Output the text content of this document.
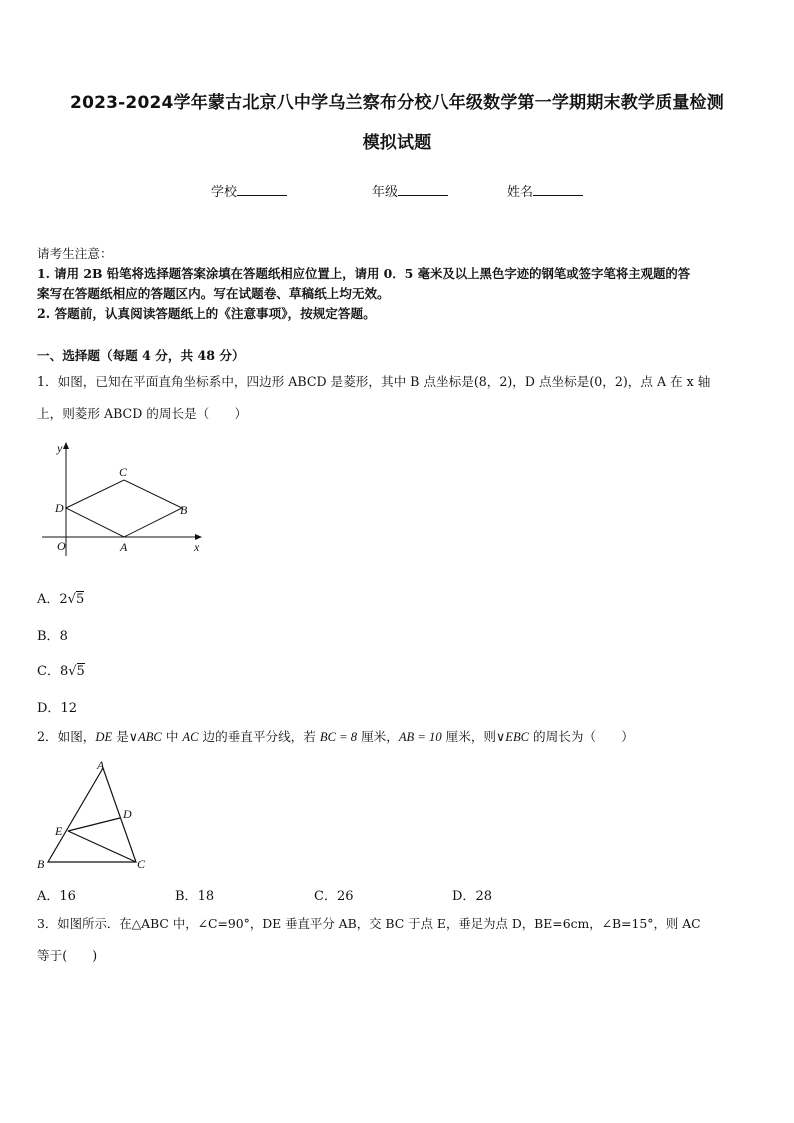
2023-2024学年蒙古北京八中学乌兰察布分校八年级数学第一学期期末教学质量检测
模拟试题
学校	年级	姓名
请考生注意：
1. 请用 2B 铅笔将选择题答案涂填在答题纸相应位置上，请用 0．5 毫米及以上黑色字迹的钢笔或签字笔将主观题的答
案写在答题纸相应的答题区内。写在试题卷、草稿纸上均无效。
2. 答题前，认真阅读答题纸上的《注意事项》，按规定答题。
一、选择题（每题 4 分，共 48 分）
1．如图，已知在平面直角坐标系中，四边形 ABCD 是菱形，其中 B 点坐标是(8，2)，D 点坐标是(0，2)，点 A 在 x 轴
上，则菱形 ABCD 的周长是（　　）
y
x
O	A
B
C
D
A．2√5
B．8
C．8√5
D．12
2．如图，DE 是∨ABC 中 AC 边的垂直平分线，若 BC = 8 厘米，AB = 10 厘米，则∨EBC 的周长为（　　）
A
B	C
D
E
A．16	B．18	C．26	D．28
3．如图所示．在△ABC 中，∠C=90°，DE 垂直平分 AB，交 BC 于点 E，垂足为点 D，BE=6cm，∠B=15°，则 AC
等于(　　)
